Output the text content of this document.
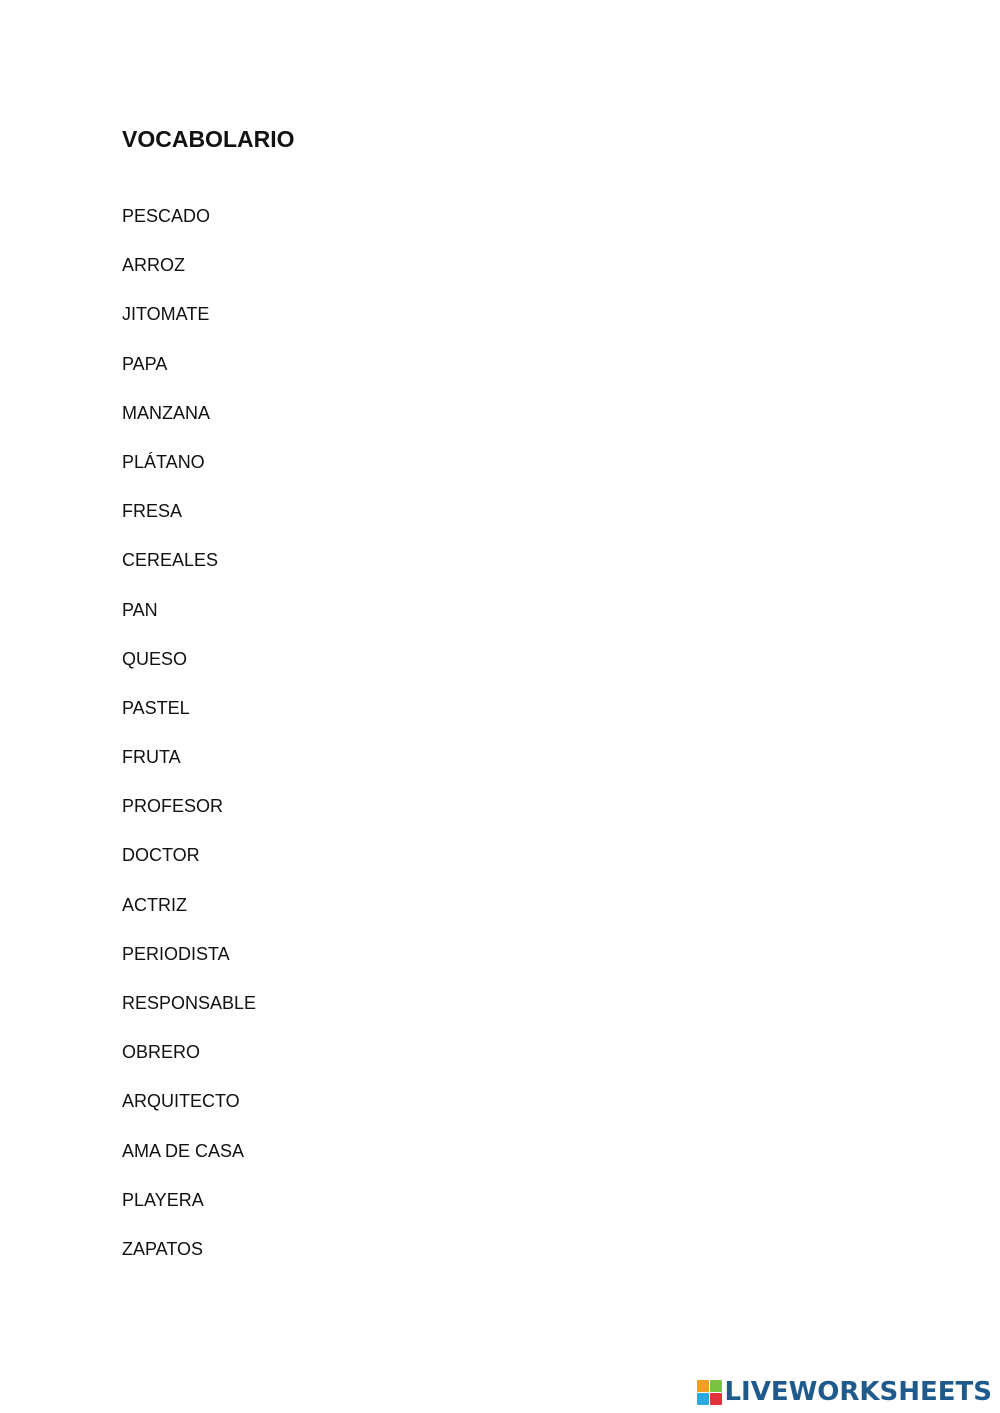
VOCABOLARIO
PESCADO
ARROZ
JITOMATE
PAPA
MANZANA
PLÁTANO
FRESA
CEREALES
PAN
QUESO
PASTEL
FRUTA
PROFESOR
DOCTOR
ACTRIZ
PERIODISTA
RESPONSABLE
OBRERO
ARQUITECTO
AMA DE CASA
PLAYERA
ZAPATOS
LIVEWORKSHEETS
